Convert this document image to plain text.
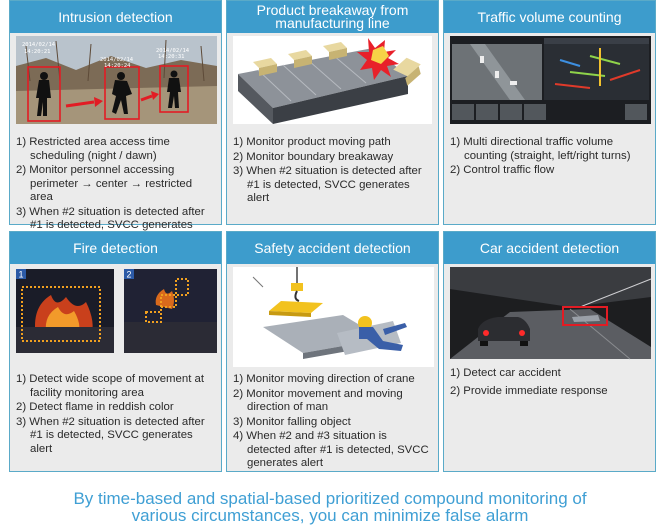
Intrusion detection
2014/02/14
14:20:21
2014/02/14
14:20:24
2014/02/14
14:20:31
1) Restricted area access time scheduling (night / dawn)
2) Monitor personnel accessing perimeter → center → restricted area
3) When #2 situation is detected after #1 is detected, SVCC generates
Product breakaway from manufacturing line
1) Monitor product moving path
2) Monitor boundary breakaway
3) When #2 situation is detected after #1 is detected, SVCC generates alert
Traffic volume counting
1) Multi directional traffic volume counting (straight, left/right turns)
2) Control traffic flow
Fire detection
1	2
1) Detect wide scope of movement at facility monitoring area
2) Detect flame in reddish color
3) When #2 situation is detected after #1 is detected, SVCC generates alert
Safety accident detection
1) Monitor moving direction of crane
2) Monitor movement and moving direction of man
3) Monitor falling object
4) When #2 and #3 situation is detected after #1 is detected, SVCC generates alert
Car accident detection
1) Detect car accident
2) Provide immediate response
By time-based and spatial-based prioritized compound monitoring of
various circumstances, you can minimize false alarm
